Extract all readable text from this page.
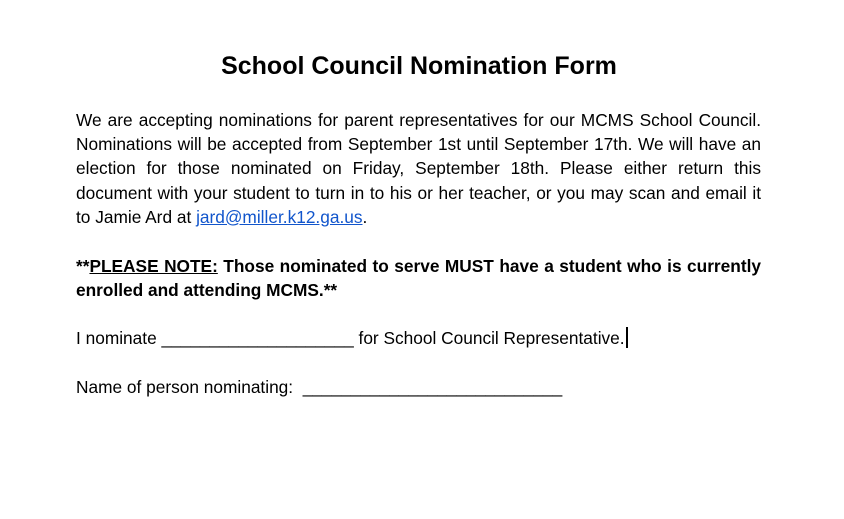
School Council Nomination Form

We are accepting nominations for parent representatives for our MCMS School Council. Nominations will be accepted from September 1st until September 17th. We will have an election for those nominated on Friday, September 18th. Please either return this document with your student to turn in to his or her teacher, or you may scan and email it to Jamie Ard at jard@miller.k12.ga.us.

**PLEASE NOTE: Those nominated to serve MUST have a student who is currently enrolled and attending MCMS.**

I nominate ____________________ for School Council Representative.

Name of person nominating:  ___________________________
